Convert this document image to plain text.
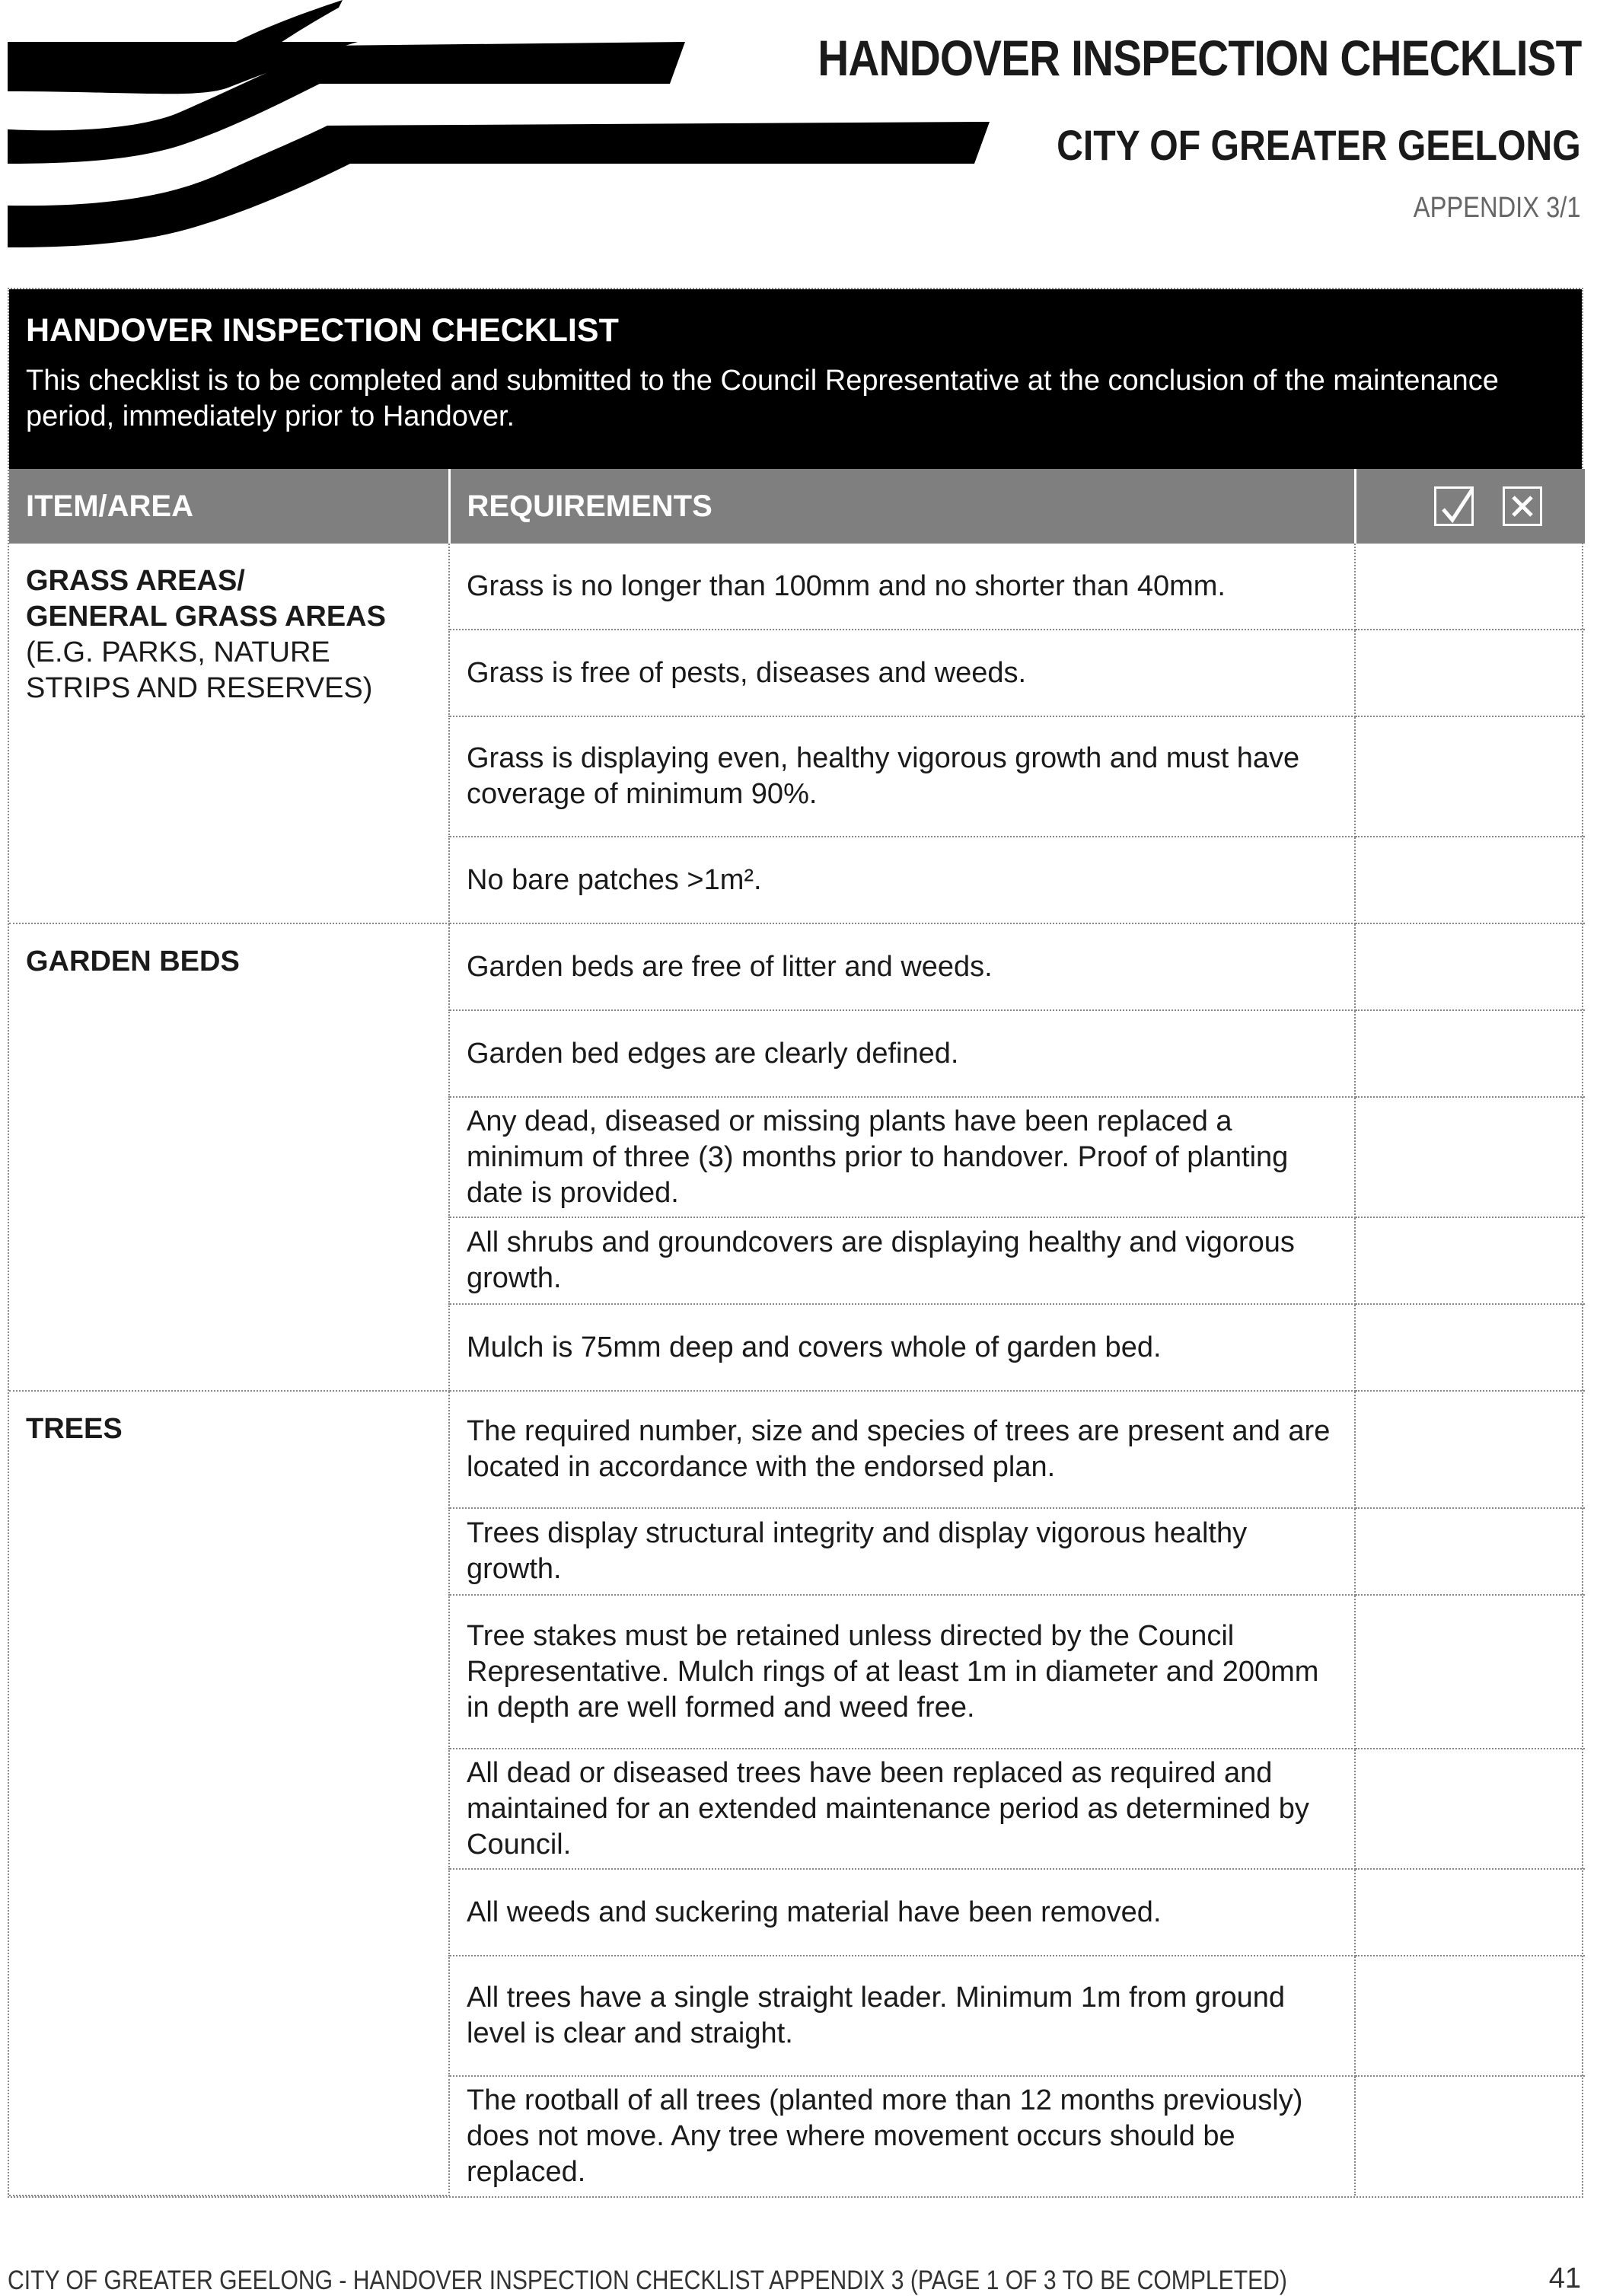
HANDOVER INSPECTION CHECKLIST
CITY OF GREATER GEELONG
APPENDIX 3/1
HANDOVER INSPECTION CHECKLIST
This checklist is to be completed and submitted to the Council Representative at the conclusion of the maintenance period, immediately prior to Handover.
ITEM/AREA	REQUIREMENTS	

GRASS AREAS/
GENERAL GRASS AREAS
(E.G. PARKS, NATURE STRIPS AND RESERVES)	Grass is no longer than 100mm and no shorter than 40mm.	

	Grass is free of pests, diseases and weeds.	

	Grass is displaying even, healthy vigorous growth and must have coverage of minimum 90%.	

	No bare patches >1m².	

GARDEN BEDS	Garden beds are free of litter and weeds.	

	Garden bed edges are clearly defined.	

	Any dead, diseased or missing plants have been replaced a minimum of three (3) months prior to handover. Proof of planting date is provided.	

	All shrubs and groundcovers are displaying healthy and vigorous growth.	

	Mulch is 75mm deep and covers whole of garden bed.	

TREES	The required number, size and species of trees are present and are located in accordance with the endorsed plan.	

	Trees display structural integrity and display vigorous healthy growth.	

	Tree stakes must be retained unless directed by the Council Representative. Mulch rings of at least 1m in diameter and 200mm in depth are well formed and weed free.	

	All dead or diseased trees have been replaced as required and maintained for an extended maintenance period as determined by Council.	

	All weeds and suckering material have been removed.	

	All trees have a single straight leader. Minimum 1m from ground level is clear and straight.	

	The rootball of all trees (planted more than 12 months previously) does not move. Any tree where movement occurs should be replaced.	

CITY OF GREATER GEELONG - HANDOVER INSPECTION CHECKLIST APPENDIX 3 (PAGE 1 OF 3 TO BE COMPLETED)	41
